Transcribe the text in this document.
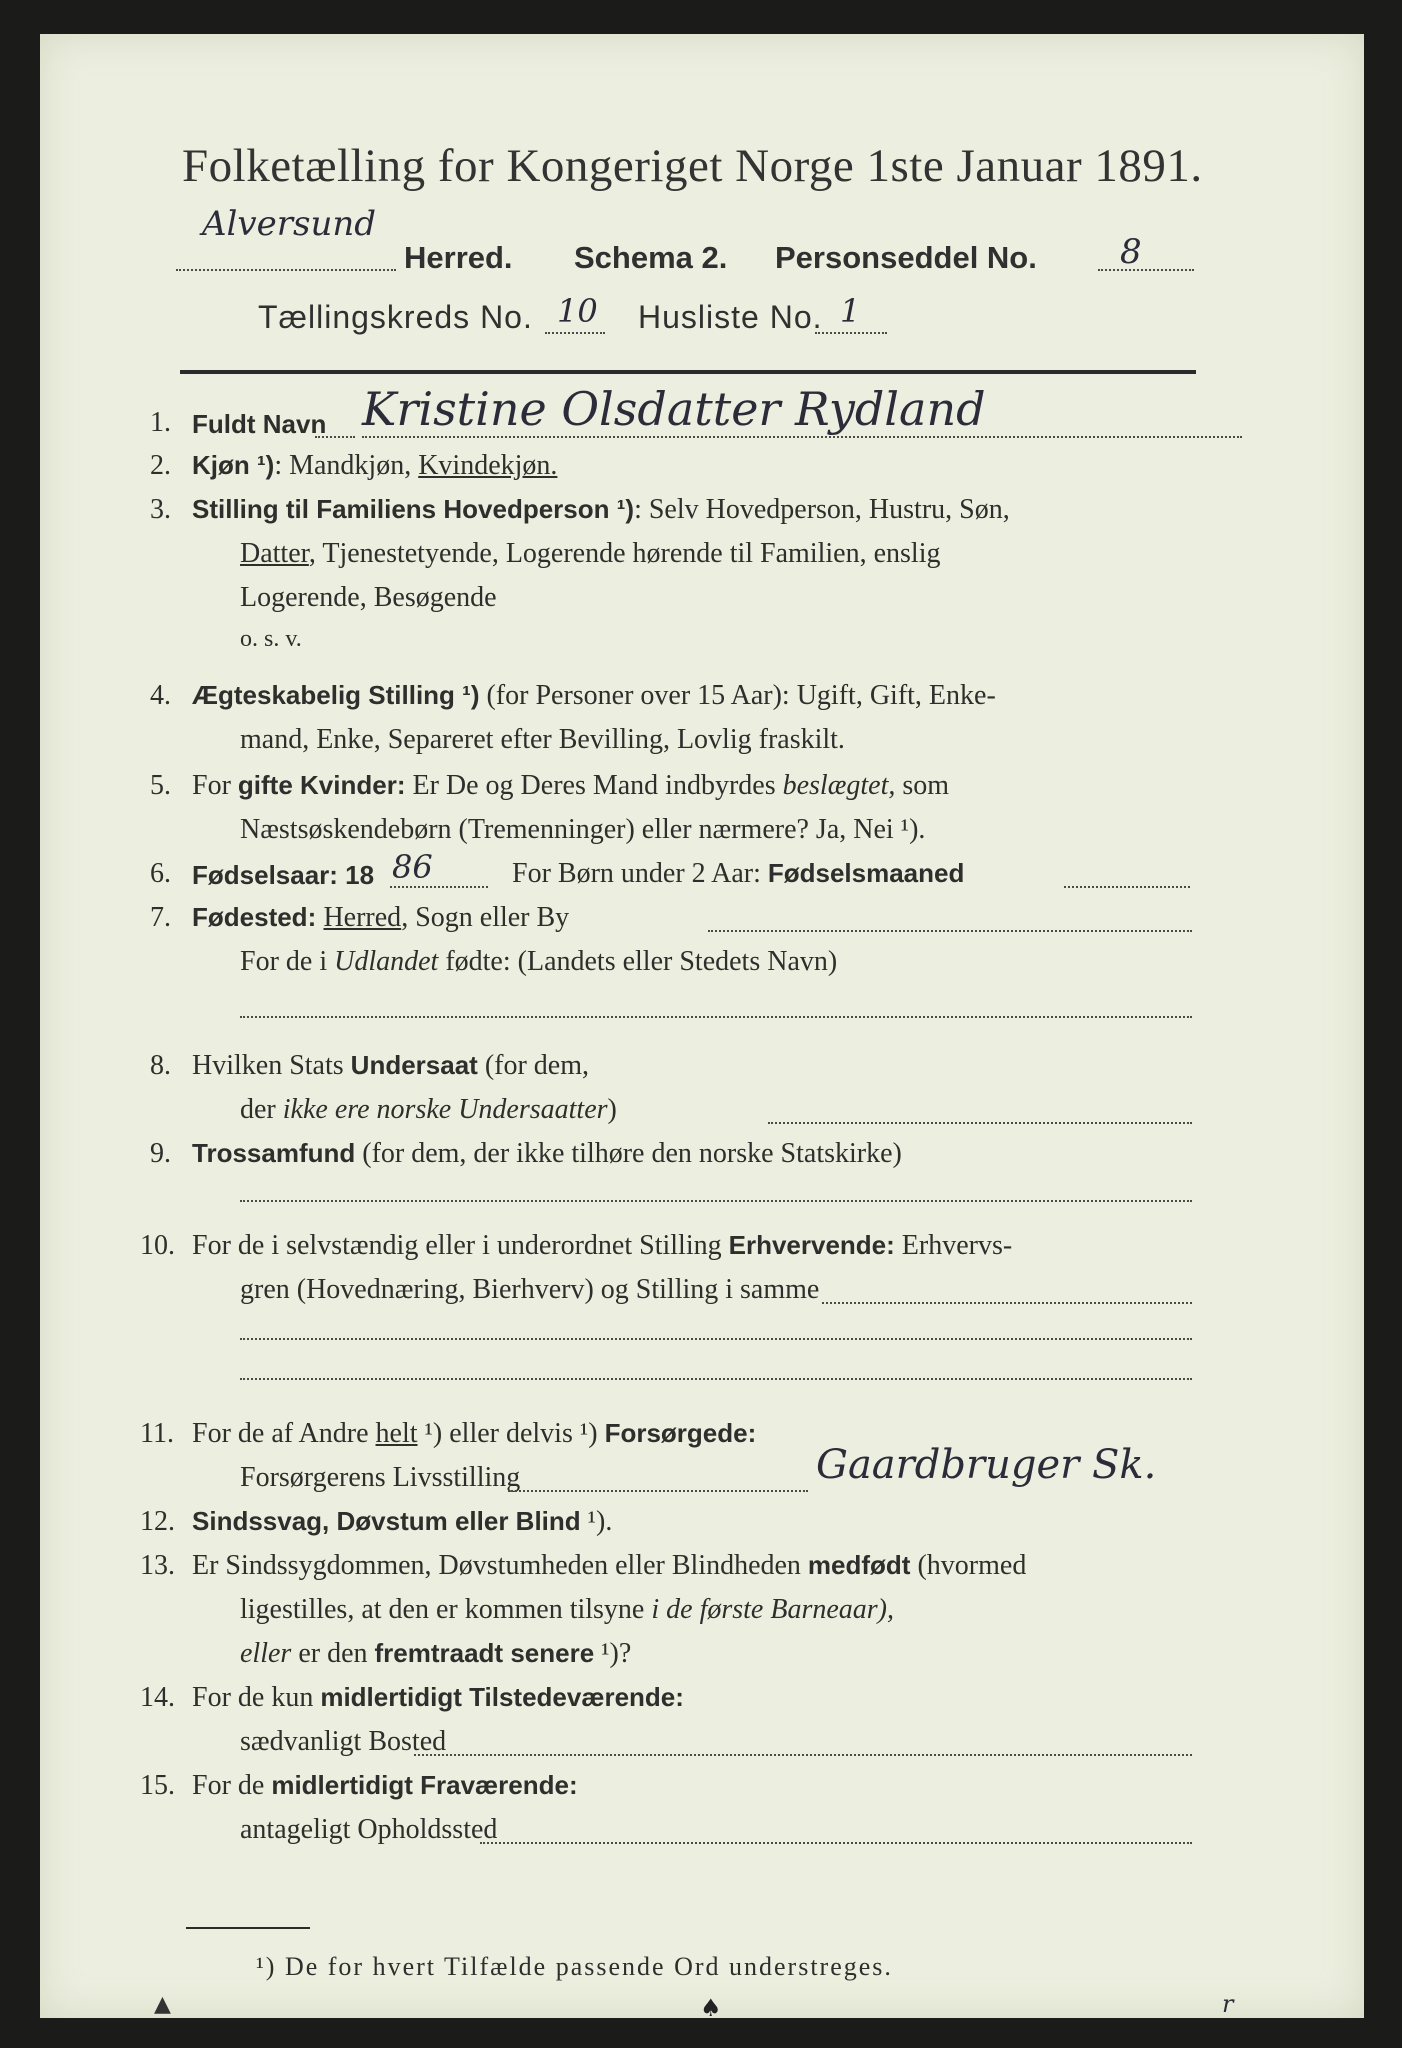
Folketælling for Kongeriget Norge 1ste Januar 1891.
Alversund
Herred. Schema 2. Personseddel No. 8
Tællingskreds No. 10 Husliste No. 1
1. Fuldt Navn Kristine Olsdatter Rydland
2. Kjøn ¹): Mandkjøn, Kvindekjøn.
3. Stilling til Familiens Hovedperson ¹): Selv Hovedperson, Hustru, Søn,
Datter, Tjenestetyende, Logerende hørende til Familien, enslig
Logerende, Besøgende
o. s. v.
4. Ægteskabelig Stilling ¹) (for Personer over 15 Aar): Ugift, Gift, Enke-
mand, Enke, Separeret efter Bevilling, Lovlig fraskilt.
5. For gifte Kvinder: Er De og Deres Mand indbyrdes beslægtet, som
Næstsøskendebørn (Tremenninger) eller nærmere? Ja, Nei ¹).
6. Fødselsaar: 18 86	For Børn under 2 Aar: Fødselsmaaned
7. Fødested: Herred, Sogn eller By
For de i Udlandet fødte: (Landets eller Stedets Navn)
8. Hvilken Stats Undersaat (for dem,
der ikke ere norske Undersaatter)
9. Trossamfund (for dem, der ikke tilhøre den norske Statskirke)
10. For de i selvstændig eller i underordnet Stilling Erhvervende: Erhvervs-
gren (Hovednæring, Bierhverv) og Stilling i samme
11. For de af Andre helt ¹) eller delvis ¹) Forsørgede:
Forsørgerens Livsstilling	Gaardbruger Sk.
12. Sindssvag, Døvstum eller Blind ¹).
13. Er Sindssygdommen, Døvstumheden eller Blindheden medfødt (hvormed
ligestilles, at den er kommen tilsyne i de første Barneaar),
eller er den fremtraadt senere ¹)?
14. For de kun midlertidigt Tilstedeværende:
sædvanligt Bosted
15. For de midlertidigt Fraværende:
antageligt Opholdssted
¹) De for hvert Tilfælde passende Ord understreges.
▲	♠	r
